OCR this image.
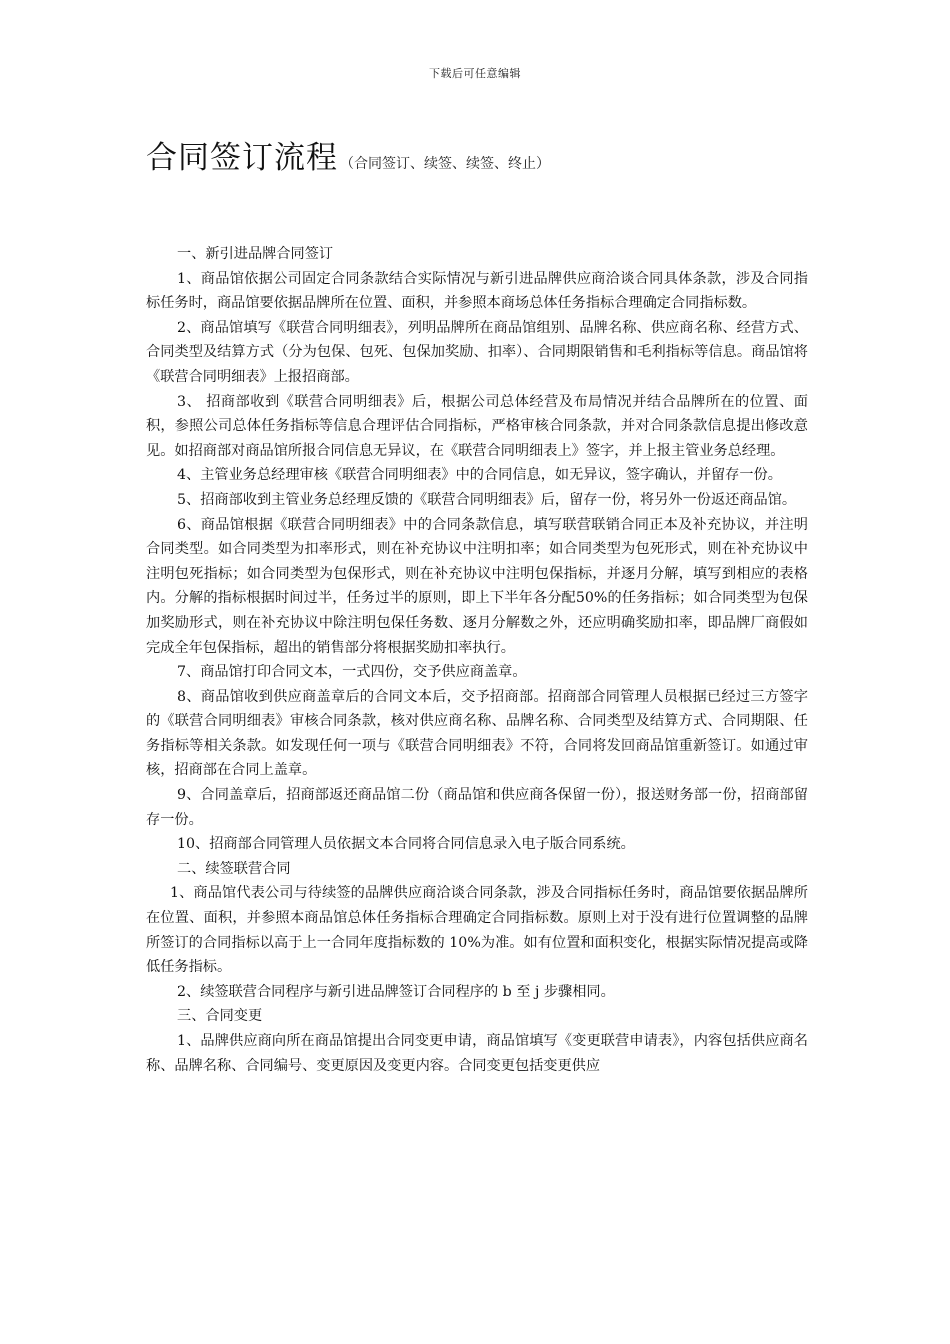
下载后可任意编辑
合同签订流程 （合同签订、续签、续签、终止）

一、新引进品牌合同签订

1、商品馆依据公司固定合同条款结合实际情况与新引进品牌供应商洽谈合同具体条款，涉及合同指标任务时，商品馆要依据品牌所在位置、面积，并参照本商场总体任务指标合理确定合同指标数。

2、商品馆填写《联营合同明细表》，列明品牌所在商品馆组别、品牌名称、供应商名称、经营方式、合同类型及结算方式（分为包保、包死、包保加奖励、扣率）、合同期限销售和毛利指标等信息。商品馆将《联营合同明细表》上报招商部。

3、 招商部收到《联营合同明细表》后，根据公司总体经营及布局情况并结合品牌所在的位置、面积，参照公司总体任务指标等信息合理评估合同指标，严格审核合同条款，并对合同条款信息提出修改意见。如招商部对商品馆所报合同信息无异议，在《联营合同明细表上》签字，并上报主管业务总经理。

4、主管业务总经理审核《联营合同明细表》中的合同信息，如无异议，签字确认，并留存一份。

5、招商部收到主管业务总经理反馈的《联营合同明细表》后，留存一份，将另外一份返还商品馆。

6、商品馆根据《联营合同明细表》中的合同条款信息，填写联营联销合同正本及补充协议，并注明合同类型。如合同类型为扣率形式，则在补充协议中注明扣率；如合同类型为包死形式，则在补充协议中注明包死指标；如合同类型为包保形式，则在补充协议中注明包保指标，并逐月分解，填写到相应的表格内。分解的指标根据时间过半，任务过半的原则，即上下半年各分配50%的任务指标；如合同类型为包保加奖励形式，则在补充协议中除注明包保任务数、逐月分解数之外，还应明确奖励扣率，即品牌厂商假如完成全年包保指标，超出的销售部分将根据奖励扣率执行。

7、商品馆打印合同文本，一式四份，交予供应商盖章。

8、商品馆收到供应商盖章后的合同文本后，交予招商部。招商部合同管理人员根据已经过三方签字的《联营合同明细表》审核合同条款，核对供应商名称、品牌名称、合同类型及结算方式、合同期限、任务指标等相关条款。如发现任何一项与《联营合同明细表》不符，合同将发回商品馆重新签订。如通过审核，招商部在合同上盖章。

9、合同盖章后，招商部返还商品馆二份（商品馆和供应商各保留一份），报送财务部一份，招商部留存一份。

10、招商部合同管理人员依据文本合同将合同信息录入电子版合同系统。

二、续签联营合同

1、商品馆代表公司与待续签的品牌供应商洽谈合同条款，涉及合同指标任务时，商品馆要依据品牌所在位置、面积，并参照本商品馆总体任务指标合理确定合同指标数。原则上对于没有进行位置调整的品牌所签订的合同指标以高于上一合同年度指标数的 10%为准。如有位置和面积变化，根据实际情况提高或降低任务指标。

2、续签联营合同程序与新引进品牌签订合同程序的 b 至 j 步骤相同。

三、合同变更

1、品牌供应商向所在商品馆提出合同变更申请，商品馆填写《变更联营申请表》，内容包括供应商名称、品牌名称、合同编号、变更原因及变更内容。合同变更包括变更供应
